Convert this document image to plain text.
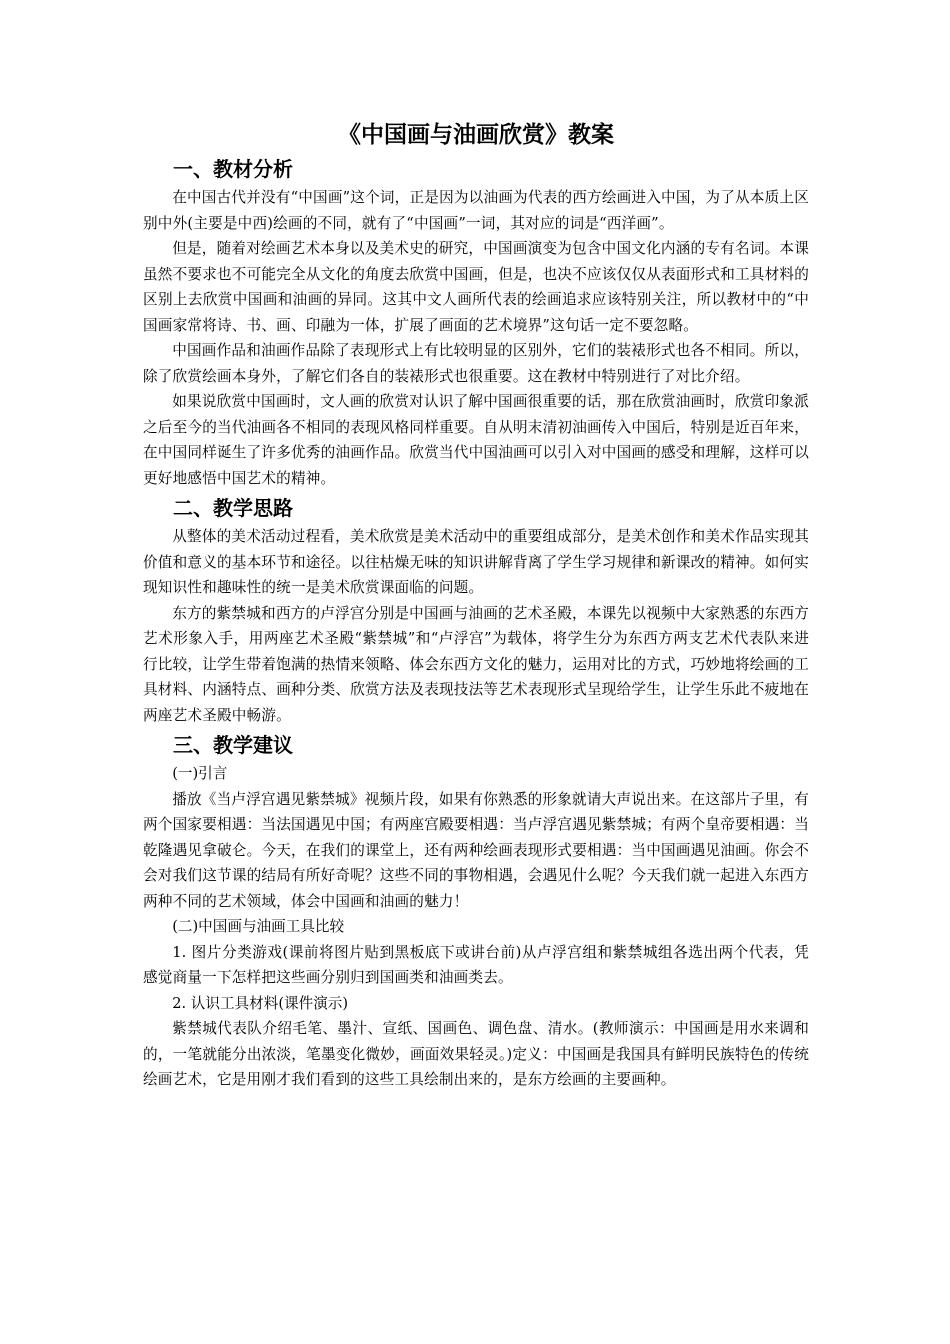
《中国画与油画欣赏》教案
一、教材分析

在中国古代并没有“中国画”这个词，正是因为以油画为代表的西方绘画进入中国，为了从本质上区别中外(主要是中西)绘画的不同，就有了“中国画”一词，其对应的词是“西洋画”。

但是，随着对绘画艺术本身以及美术史的研究，中国画演变为包含中国文化内涵的专有名词。本课虽然不要求也不可能完全从文化的角度去欣赏中国画，但是，也决不应该仅仅从表面形式和工具材料的区别上去欣赏中国画和油画的异同。这其中文人画所代表的绘画追求应该特别关注，所以教材中的“中国画家常将诗、书、画、印融为一体，扩展了画面的艺术境界”这句话一定不要忽略。

中国画作品和油画作品除了表现形式上有比较明显的区别外，它们的装裱形式也各不相同。所以，除了欣赏绘画本身外，了解它们各自的装裱形式也很重要。这在教材中特别进行了对比介绍。

如果说欣赏中国画时，文人画的欣赏对认识了解中国画很重要的话，那在欣赏油画时，欣赏印象派之后至今的当代油画各不相同的表现风格同样重要。自从明末清初油画传入中国后，特别是近百年来，在中国同样诞生了许多优秀的油画作品。欣赏当代中国油画可以引入对中国画的感受和理解，这样可以更好地感悟中国艺术的精神。

二、教学思路

从整体的美术活动过程看，美术欣赏是美术活动中的重要组成部分，是美术创作和美术作品实现其价值和意义的基本环节和途径。以往枯燥无味的知识讲解背离了学生学习规律和新课改的精神。如何实现知识性和趣味性的统一是美术欣赏课面临的问题。

东方的紫禁城和西方的卢浮宫分别是中国画与油画的艺术圣殿，本课先以视频中大家熟悉的东西方艺术形象入手，用两座艺术圣殿“紫禁城”和“卢浮宫”为载体，将学生分为东西方两支艺术代表队来进行比较，让学生带着饱满的热情来领略、体会东西方文化的魅力，运用对比的方式，巧妙地将绘画的工具材料、内涵特点、画种分类、欣赏方法及表现技法等艺术表现形式呈现给学生，让学生乐此不疲地在两座艺术圣殿中畅游。

三、教学建议

(一)引言

播放《当卢浮宫遇见紫禁城》视频片段，如果有你熟悉的形象就请大声说出来。在这部片子里，有两个国家要相遇：当法国遇见中国；有两座宫殿要相遇：当卢浮宫遇见紫禁城；有两个皇帝要相遇：当乾隆遇见拿破仑。今天，在我们的课堂上，还有两种绘画表现形式要相遇：当中国画遇见油画。你会不会对我们这节课的结局有所好奇呢？这些不同的事物相遇，会遇见什么呢？今天我们就一起进入东西方两种不同的艺术领域，体会中国画和油画的魅力！

(二)中国画与油画工具比较

1. 图片分类游戏(课前将图片贴到黑板底下或讲台前)从卢浮宫组和紫禁城组各选出两个代表，凭感觉商量一下怎样把这些画分别归到国画类和油画类去。

2. 认识工具材料(课件演示)

紫禁城代表队介绍毛笔、墨汁、宣纸、国画色、调色盘、清水。(教师演示：中国画是用水来调和的，一笔就能分出浓淡，笔墨变化微妙，画面效果轻灵。)定义：中国画是我国具有鲜明民族特色的传统绘画艺术，它是用刚才我们看到的这些工具绘制出来的，是东方绘画的主要画种。
